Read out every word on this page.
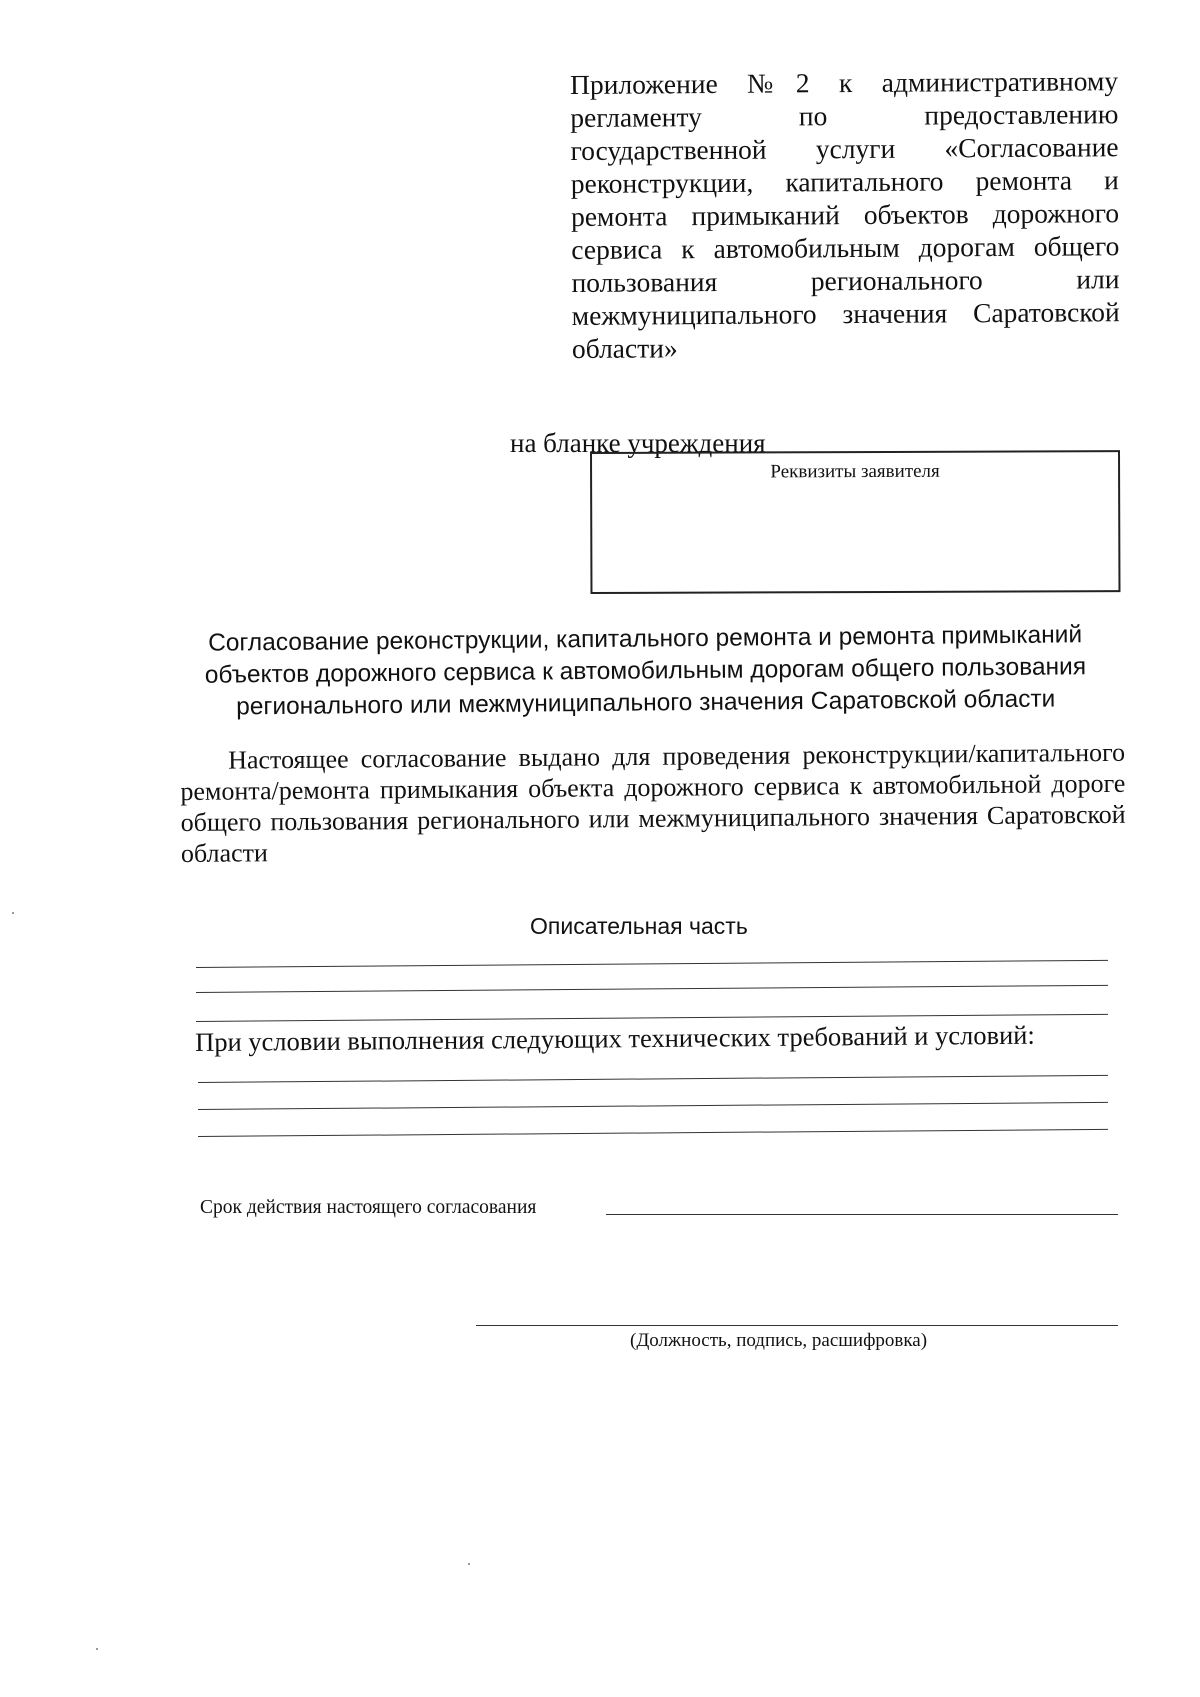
Приложение №2 к административному регламенту по предоставлению государственной услуги «Согласование реконструкции, капитального ремонта и ремонта примыканий объектов дорожного сервиса к автомобильным дорогам общего пользования регионального или межмуниципального значения Саратовской области»
на бланке учреждения
Реквизиты заявителя
Согласование реконструкции, капитального ремонта и ремонта примыканий
объектов дорожного сервиса к автомобильным дорогам общего пользования
регионального или межмуниципального значения Саратовской области
Настоящее согласование выдано для проведения реконструкции/капитального ремонта/ремонта примыкания объекта дорожного сервиса к автомобильной дороге общего пользования регионального или межмуниципального значения Саратовской области
Описательная часть
При условии выполнения следующих технических требований и условий:
Срок действия настоящего согласования
(Должность, подпись, расшифровка)
